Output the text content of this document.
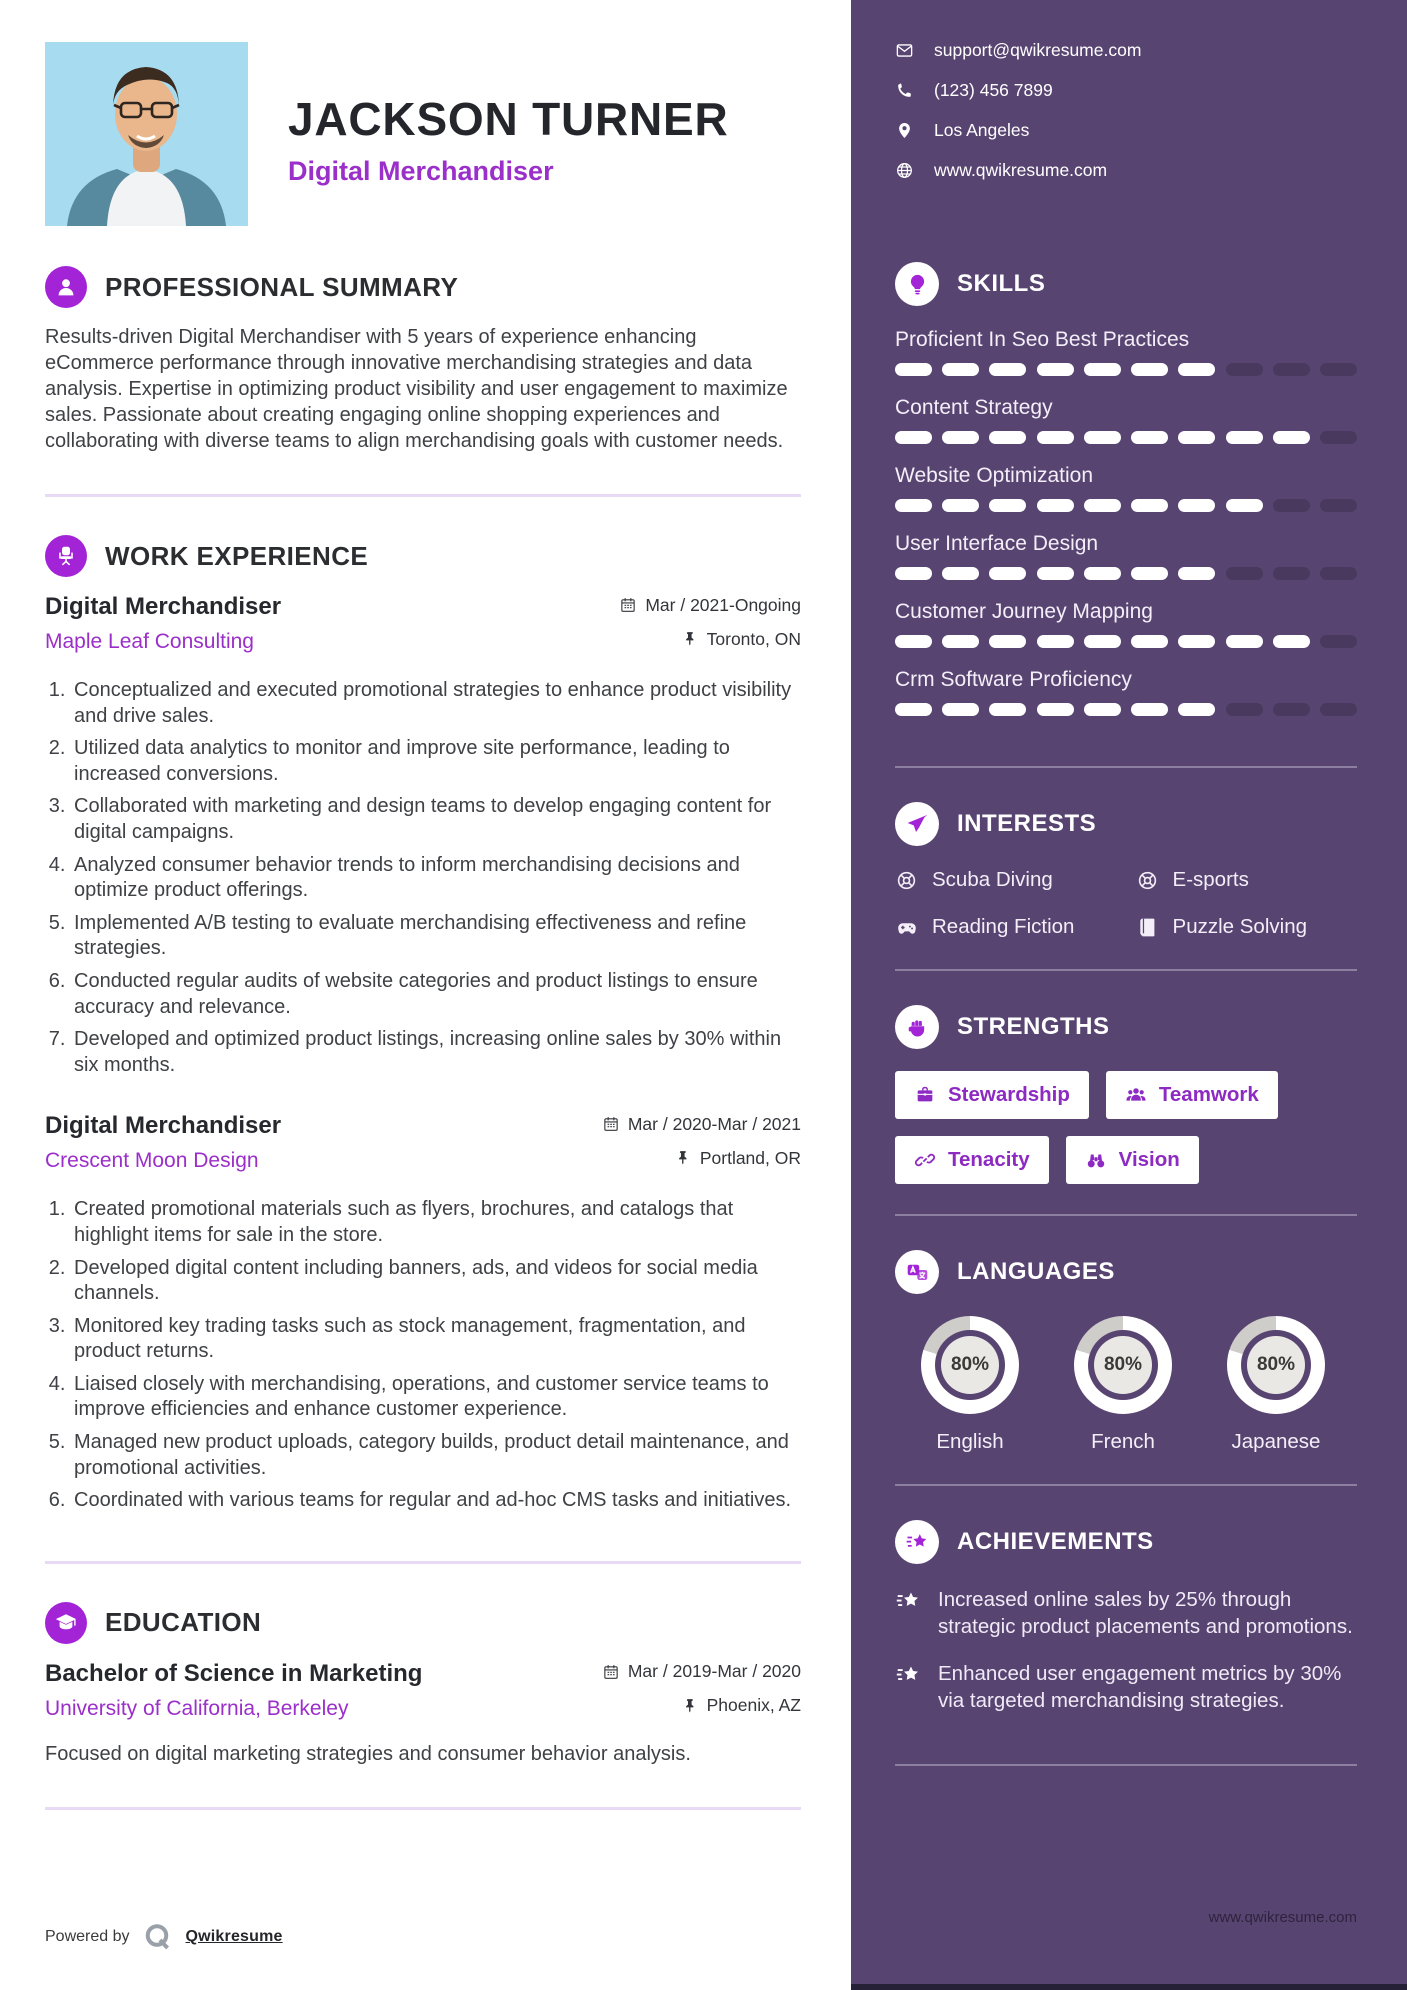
JACKSON TURNER
Digital Merchandiser
PROFESSIONAL SUMMARY

Results-driven Digital Merchandiser with 5 years of experience enhancing eCommerce performance through innovative merchandising strategies and data analysis. Expertise in optimizing product visibility and user engagement to maximize sales. Passionate about creating engaging online shopping experiences and collaborating with diverse teams to align merchandising goals with customer needs.

WORK EXPERIENCE
Digital Merchandiser	Mar / 2021-Ongoing
Maple Leaf Consulting	Toronto, ON
1. Conceptualized and executed promotional strategies to enhance product visibility and drive sales.
2. Utilized data analytics to monitor and improve site performance, leading to increased conversions.
3. Collaborated with marketing and design teams to develop engaging content for digital campaigns.
4. Analyzed consumer behavior trends to inform merchandising decisions and optimize product offerings.
5. Implemented A/B testing to evaluate merchandising effectiveness and refine strategies.
6. Conducted regular audits of website categories and product listings to ensure accuracy and relevance.
7. Developed and optimized product listings, increasing online sales by 30% within six months.
Digital Merchandiser	Mar / 2020-Mar / 2021
Crescent Moon Design	Portland, OR
1. Created promotional materials such as flyers, brochures, and catalogs that highlight items for sale in the store.
2. Developed digital content including banners, ads, and videos for social media channels.
3. Monitored key trading tasks such as stock management, fragmentation, and product returns.
4. Liaised closely with merchandising, operations, and customer service teams to improve efficiencies and enhance customer experience.
5. Managed new product uploads, category builds, product detail maintenance, and promotional activities.
6. Coordinated with various teams for regular and ad-hoc CMS tasks and initiatives.
EDUCATION
Bachelor of Science in Marketing	Mar / 2019-Mar / 2020
University of California, Berkeley	Phoenix, AZ

Focused on digital marketing strategies and consumer behavior analysis.

Powered by	Qwikresume
support@qwikresume.com
(123) 456 7899
Los Angeles
www.qwikresume.com
SKILLS
Proficient In Seo Best Practices
Content Strategy
Website Optimization
User Interface Design
Customer Journey Mapping
Crm Software Proficiency
INTERESTS
Scuba Diving	E-sports
Reading Fiction	Puzzle Solving
STRENGTHS
Stewardship	Teamwork
Tenacity	Vision
LANGUAGES
80%
English
80%
French
80%
Japanese
ACHIEVEMENTS
Increased online sales by 25% through strategic product placements and promotions.
Enhanced user engagement metrics by 30% via targeted merchandising strategies.
www.qwikresume.com
